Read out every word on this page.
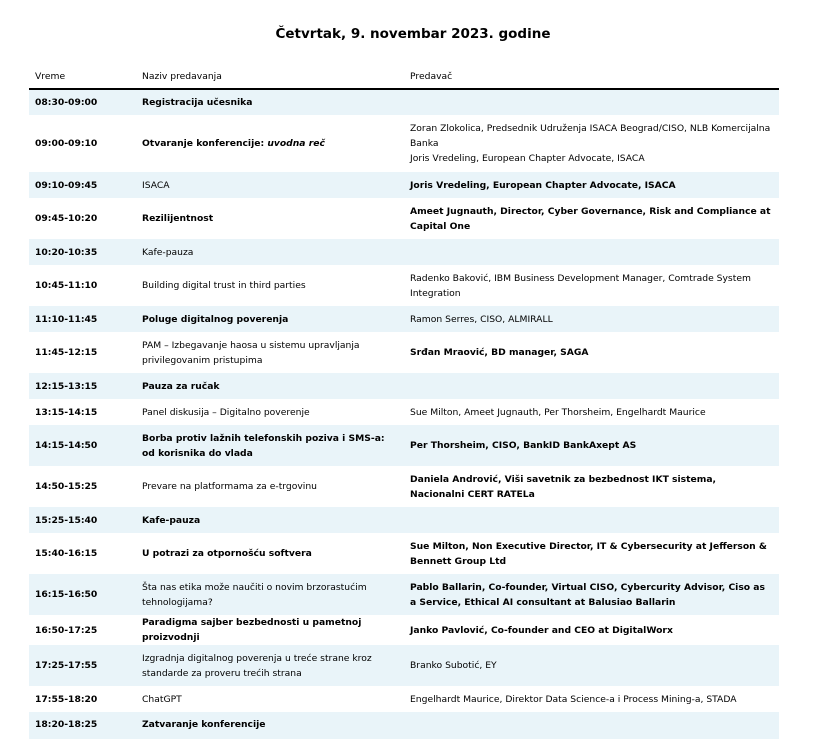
Četvrtak, 9. novembar 2023. godine
Vreme	Naziv predavanja	Predavač
08:30-09:00	Registracija učesnika	

09:00-09:10	Otvaranje konferencije: uvodna reč	Zoran Zlokolica, Predsednik Udruženja ISACA Beograd/CISO, NLB Komercijalna Banka
Joris Vredeling, European Chapter Advocate, ISACA

09:10-09:45	ISACA	Joris Vredeling, European Chapter Advocate, ISACA

09:45-10:20	Rezilijentnost	Ameet Jugnauth, Director, Cyber Governance, Risk and Compliance at Capital One

10:20-10:35	Kafe-pauza	

10:45-11:10	Building digital trust in third parties	Radenko Baković, IBM Business Development Manager, Comtrade System Integration

11:10-11:45	Poluge digitalnog poverenja	Ramon Serres, CISO, ALMIRALL

11:45-12:15	PAM – Izbegavanje haosa u sistemu upravljanja privilegovanim pristupima	Srđan Mraović, BD manager, SAGA

12:15-13:15	Pauza za ručak	

13:15-14:15	Panel diskusija – Digitalno poverenje	Sue Milton, Ameet Jugnauth, Per Thorsheim, Engelhardt Maurice

14:15-14:50	Borba protiv lažnih telefonskih poziva i SMS-a: od korisnika do vlada	Per Thorsheim, CISO, BankID BankAxept AS

14:50-15:25	Prevare na platformama za e-trgovinu	Daniela Andrović, Viši savetnik za bezbednost IKT sistema, Nacionalni CERT RATELa

15:25-15:40	Kafe-pauza	

15:40-16:15	U potrazi za otpornošću softvera	Sue Milton, Non Executive Director, IT & Cybersecurity at Jefferson & Bennett Group Ltd

16:15-16:50	Šta nas etika može naučiti o novim brzorastućim tehnologijama?	Pablo Ballarin, Co-founder, Virtual CISO, Cybercurity Advisor, Ciso as a Service, Ethical AI consultant at Balusiao Ballarin

16:50-17:25	Paradigma sajber bezbednosti u pametnoj proizvodnji	Janko Pavlović, Co-founder and CEO at DigitalWorx

17:25-17:55	Izgradnja digitalnog poverenja u treće strane kroz standarde za proveru trećih strana	Branko Subotić, EY

17:55-18:20	ChatGPT	Engelhardt Maurice, Direktor Data Science-a i Process Mining-a, STADA

18:20-18:25	Zatvaranje konferencije	
